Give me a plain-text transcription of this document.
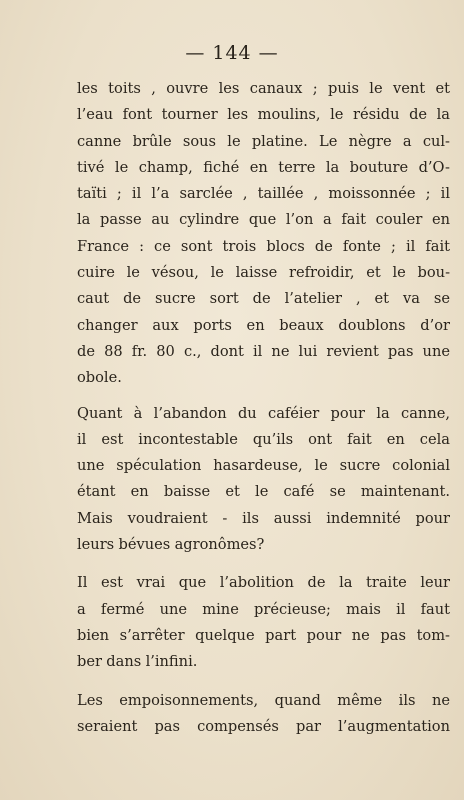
— 144 —

les toits , ouvre les canaux ; puis le vent et
l’eau font tourner les moulins, le résidu de la
canne brûle sous le platine. Le nègre a cul-
tivé le champ, fiché en terre la bouture d’O-
taïti ; il l’a sarclée , taillée , moissonnée ; il
la passe au cylindre que l’on a fait couler en
France : ce sont trois blocs de fonte ; il fait
cuire le vésou, le laisse refroidir, et le bou-
caut de sucre sort de l’atelier , et va se
changer aux ports en beaux doublons d’or
de 88 fr. 80 c., dont il ne lui revient pas une
obole.

Quant à l’abandon du caféier pour la canne,
il est incontestable qu’ils ont fait en cela
une spéculation hasardeuse, le sucre colonial
étant en baisse et le café se maintenant.
Mais voudraient - ils aussi indemnité pour
leurs bévues agronômes?

Il est vrai que l’abolition de la traite leur
a fermé une mine précieuse; mais il faut
bien s’arrêter quelque part pour ne pas tom-
ber dans l’infini.

Les empoisonnements, quand même ils ne
seraient pas compensés par l’augmentation
